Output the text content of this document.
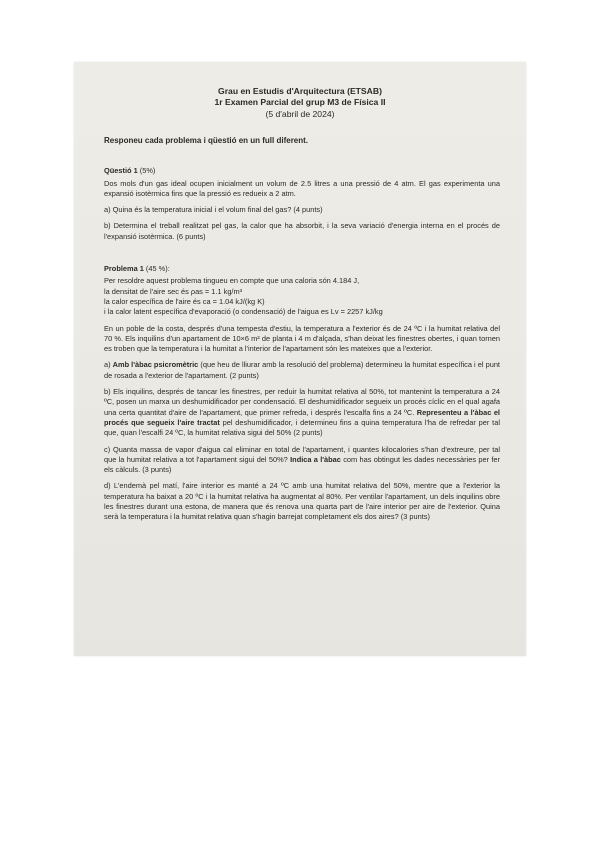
Grau en Estudis d'Arquitectura (ETSAB)
1r Examen Parcial del grup M3 de Física II
(5 d'abril de 2024)
Responeu cada problema i qüestió en un full diferent.
Qüestió 1 (5%)

Dos mols d'un gas ideal ocupen inicialment un volum de 2.5 litres a una pressió de 4 atm. El gas experimenta una expansió isotèrmica fins que la pressió es redueix a 2 atm.

a) Quina és la temperatura inicial i el volum final del gas? (4 punts)

b) Determina el treball realitzat pel gas, la calor que ha absorbit, i la seva variació d'energia interna en el procés de l'expansió isotèrmica. (6 punts)

Problema 1 (45 %):
Per resoldre aquest problema tingueu en compte que una caloria són 4.184 J,
la densitat de l'aire sec és ρas = 1.1 kg/m³
la calor específica de l'aire és ca = 1.04 kJ/(kg K)
i la calor latent específica d'evaporació (o condensació) de l'aigua es Lv = 2257 kJ/kg

En un poble de la costa, després d'una tempesta d'estiu, la temperatura a l'exterior és de 24 ºC i la humitat relativa del 70 %. Els inquilins d'un apartament de 10×6 m² de planta i 4 m d'alçada, s'han deixat les finestres obertes, i quan tornen es troben que la temperatura i la humitat a l'interior de l'apartament són les mateixes que a l'exterior.

a) Amb l'àbac psicromètric (que heu de lliurar amb la resolució del problema) determineu la humitat específica i el punt de rosada a l'exterior de l'apartament. (2 punts)

b) Els inquilins, després de tancar les finestres, per reduir la humitat relativa al 50%, tot mantenint la temperatura a 24 ºC, posen un marxa un deshumidificador per condensació. El deshumidificador segueix un procés cíclic en el qual agafa una certa quantitat d'aire de l'apartament, que primer refreda, i després l'escalfa fins a 24 ºC. Representeu a l'àbac el procés que segueix l'aire tractat pel deshumidificador, i determineu fins a quina temperatura l'ha de refredar per tal que, quan l'escalfi 24 ºC, la humitat relativa sigui del 50% (2 punts)

c) Quanta massa de vapor d'aigua cal eliminar en total de l'apartament, i quantes kilocalories s'han d'extreure, per tal que la humitat relativa a tot l'apartament sigui del 50%? Indica a l'àbac com has obtingut les dades necessàries per fer els càlculs. (3 punts)

d) L'endemà pel matí, l'aire interior es manté a 24 ºC amb una humitat relativa del 50%, mentre que a l'exterior la temperatura ha baixat a 20 ºC i la humitat relativa ha augmentat al 80%. Per ventilar l'apartament, un dels inquilins obre les finestres durant una estona, de manera que és renova una quarta part de l'aire interior per aire de l'exterior. Quina serà la temperatura i la humitat relativa quan s'hagin barrejat completament els dos aires? (3 punts)
